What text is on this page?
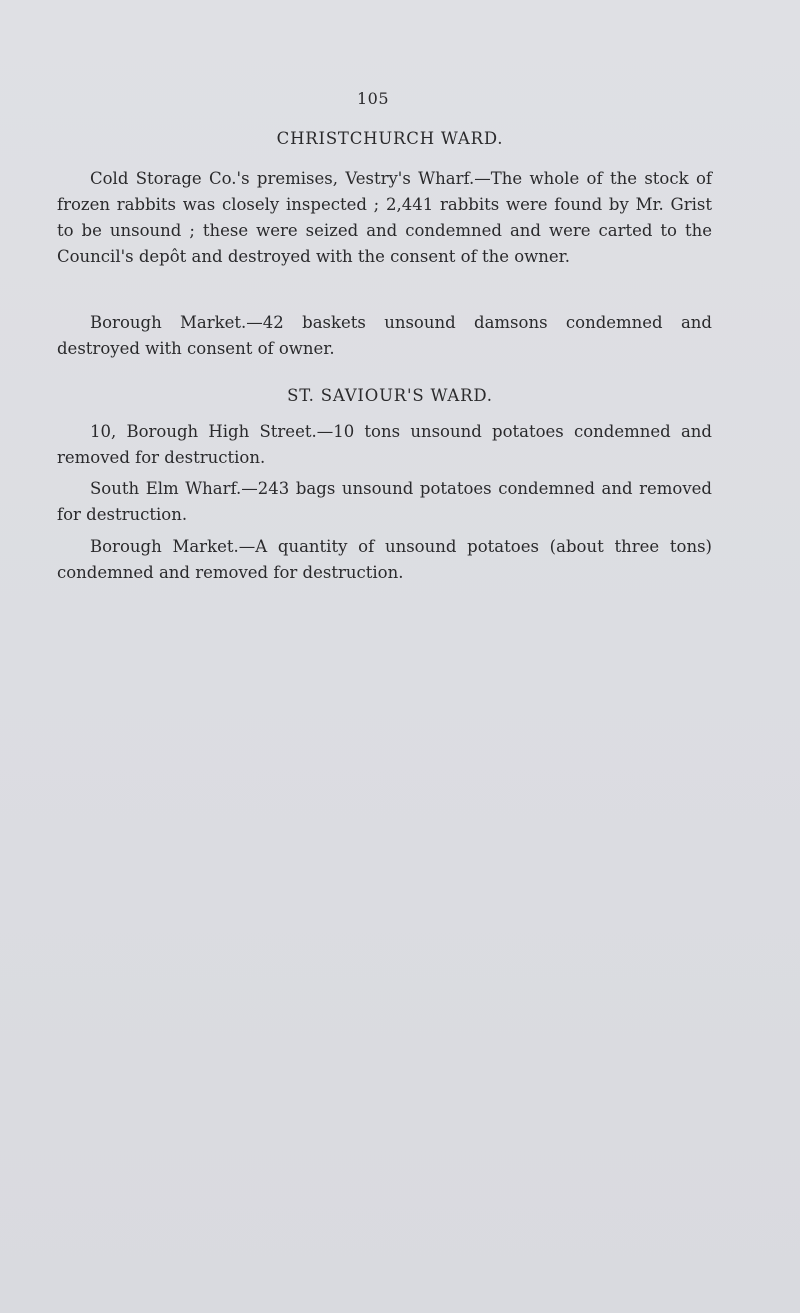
105
CHRISTCHURCH WARD.

Cold Storage Co.'s premises, Vestry's Wharf.—The whole of the stock of frozen rabbits was closely inspected ; 2,441 rabbits were found by Mr. Grist to be unsound ; these were seized and condemned and were carted to the Council's depôt and destroyed with the consent of the owner.

Borough Market.—42 baskets unsound damsons condemned and destroyed with consent of owner.

ST. SAVIOUR'S WARD.

10, Borough High Street.—10 tons unsound potatoes condemned and removed for destruction.

South Elm Wharf.—243 bags unsound potatoes condemned and removed for destruction.

Borough Market.—A quantity of unsound potatoes (about three tons) condemned and removed for destruction.
